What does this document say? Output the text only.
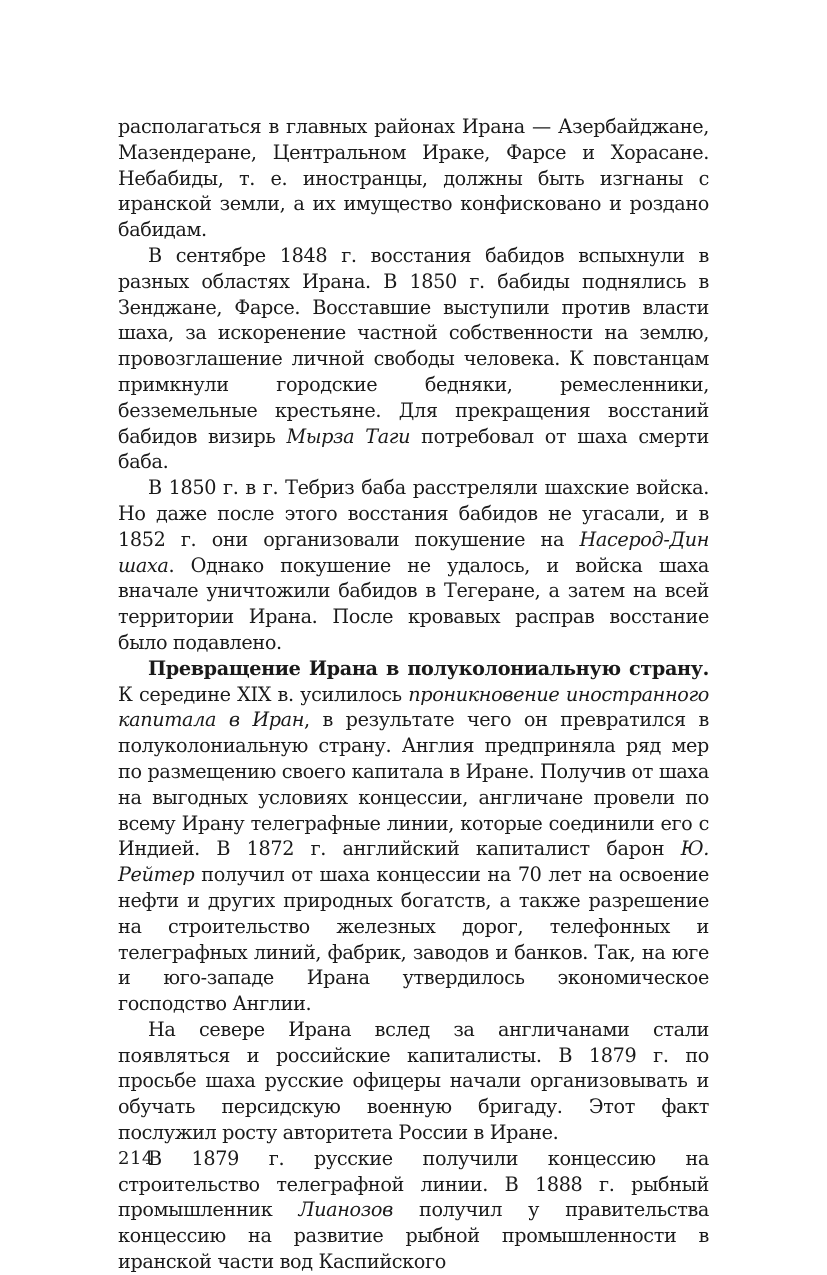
располагаться в главных районах Ирана — Азербайджане, Мазендеране, Центральном Ираке, Фарсе и Хорасане. Небабиды, т. е. иностранцы, должны быть изгнаны с иранской земли, а их имущество конфисковано и роздано бабидам.

В сентябре 1848 г. восстания бабидов вспыхнули в разных областях Ирана. В 1850 г. бабиды поднялись в Зенджане, Фарсе. Восставшие выступили против власти шаха, за искоренение частной собственности на землю, провозглашение личной свободы человека. К повстанцам примкнули городские бедняки, ремесленники, безземельные крестьяне. Для прекращения восстаний бабидов визирь Мырза Таги потребовал от шаха смерти баба.

В 1850 г. в г. Тебриз баба расстреляли шахские войска. Но даже после этого восстания бабидов не угасали, и в 1852 г. они организовали покушение на Насерод-Дин шаха. Однако покушение не удалось, и войска шаха вначале уничтожили бабидов в Тегеране, а затем на всей территории Ирана. После кровавых расправ восстание было подавлено.

Превращение Ирана в полуколониальную страну. К середине XIX в. усилилось проникновение иностранного капитала в Иран, в результате чего он превратился в полуколониальную страну. Англия предприняла ряд мер по размещению своего капитала в Иране. Получив от шаха на выгодных условиях концессии, англичане провели по всему Ирану телеграфные линии, которые соединили его с Индией. В 1872 г. английский капиталист барон Ю. Рейтер получил от шаха концессии на 70 лет на освоение нефти и других природных богатств, а также разрешение на строительство железных дорог, телефонных и телеграфных линий, фабрик, заводов и банков. Так, на юге и юго-западе Ирана утвердилось экономическое господство Англии.

На севере Ирана вслед за англичанами стали появляться и российские капиталисты. В 1879 г. по просьбе шаха русские офицеры начали организовывать и обучать персидскую военную бригаду. Этот факт послужил росту авторитета России в Иране.

В 1879 г. русские получили концессию на строительство телеграфной линии. В 1888 г. рыбный промышленник Лианозов получил у правительства концессию на развитие рыбной промышленности в иранской части вод Каспийского

214
